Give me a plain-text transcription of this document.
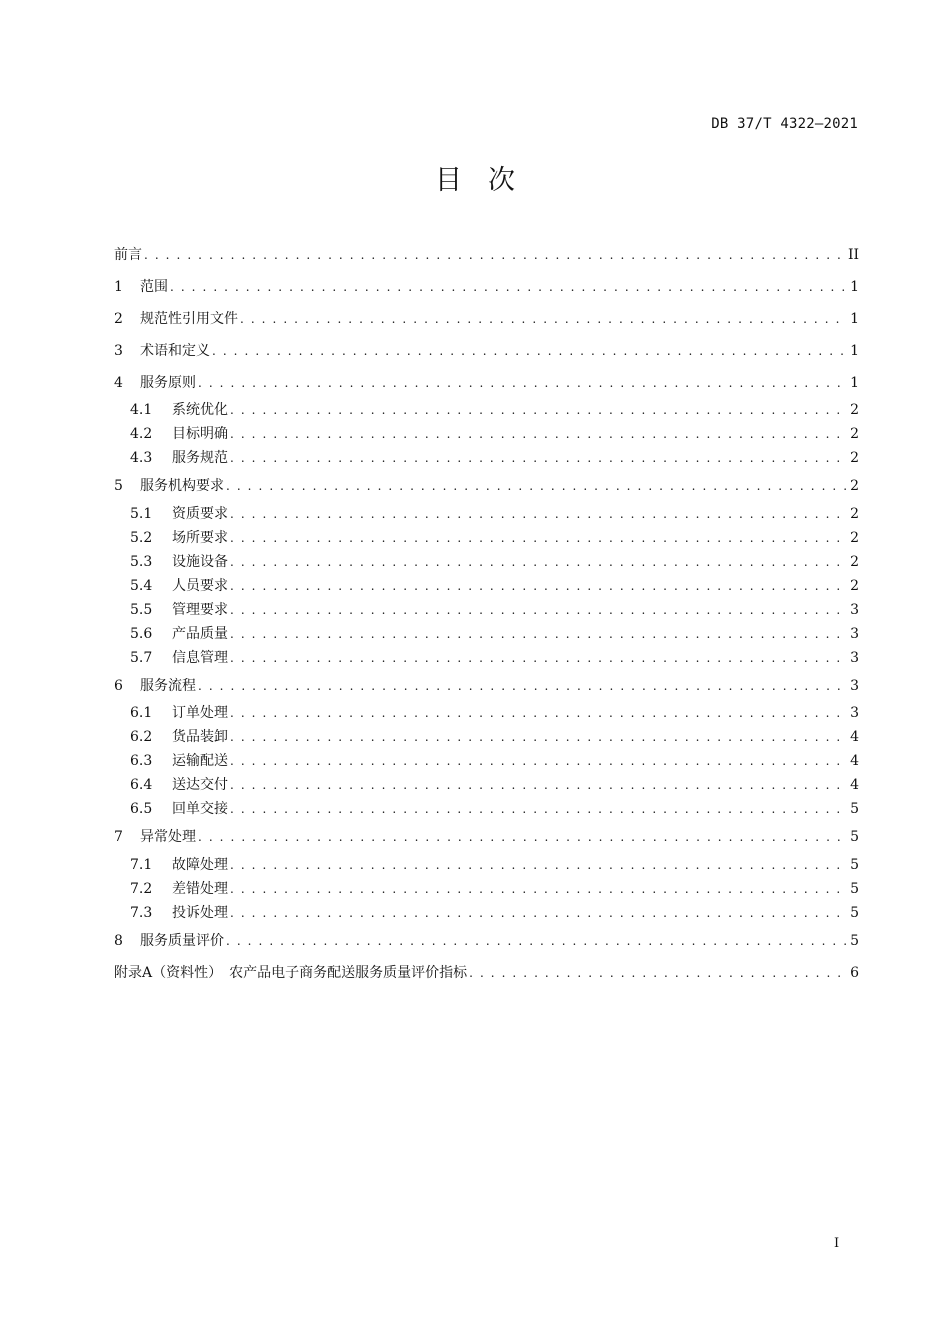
DB 37/T 4322—2021
目 次
前言 . . .	II
1	范围 . . .	1
2	规范性引用文件 . . .	1
3	术语和定义 . . .	1
4	服务原则 . . .	1
4.1	系统优化 . . .	2
4.2	目标明确 . . .	2
4.3	服务规范 . . .	2
5	服务机构要求 . . .	2
5.1	资质要求 . . .	2
5.2	场所要求 . . .	2
5.3	设施设备 . . .	2
5.4	人员要求 . . .	2
5.5	管理要求 . . .	3
5.6	产品质量 . . .	3
5.7	信息管理 . . .	3
6	服务流程 . . .	3
6.1	订单处理 . . .	3
6.2	货品装卸 . . .	4
6.3	运输配送 . . .	4
6.4	送达交付 . . .	4
6.5	回单交接 . . .	5
7	异常处理 . . .	5
7.1	故障处理 . . .	5
7.2	差错处理 . . .	5
7.3	投诉处理 . . .	5
8	服务质量评价 . . .	5
附录A（资料性）　农产品电子商务配送服务质量评价指标 . . .	6
I
